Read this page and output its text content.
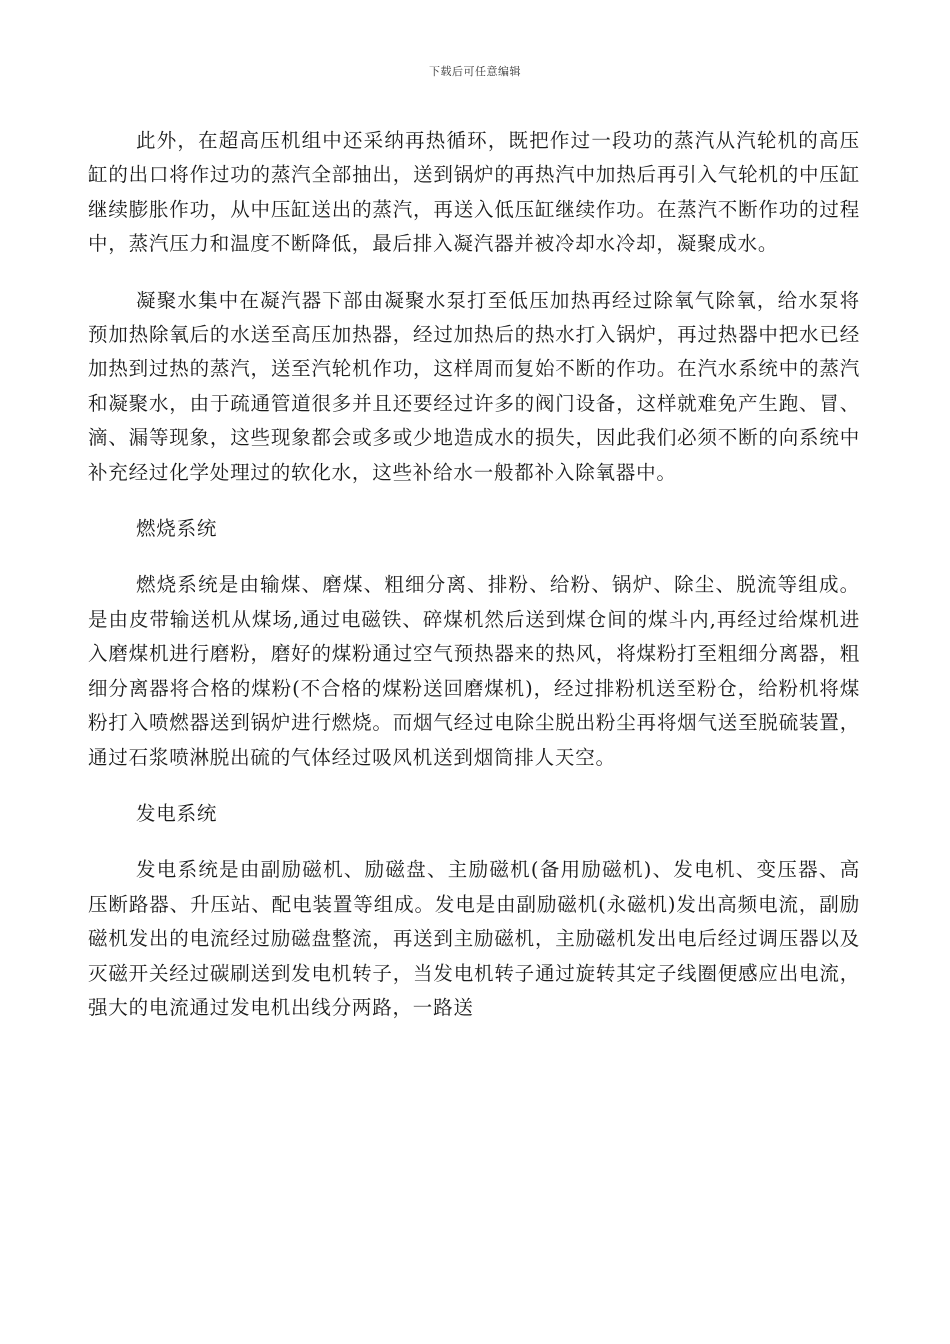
下载后可任意编辑

此外，在超高压机组中还采纳再热循环，既把作过一段功的蒸汽从汽轮机的高压缸的出口将作过功的蒸汽全部抽出，送到锅炉的再热汽中加热后再引入气轮机的中压缸继续膨胀作功，从中压缸送出的蒸汽，再送入低压缸继续作功。在蒸汽不断作功的过程中，蒸汽压力和温度不断降低，最后排入凝汽器并被冷却水冷却，凝聚成水。

凝聚水集中在凝汽器下部由凝聚水泵打至低压加热再经过除氧气除氧，给水泵将预加热除氧后的水送至高压加热器，经过加热后的热水打入锅炉，再过热器中把水已经加热到过热的蒸汽，送至汽轮机作功，这样周而复始不断的作功。在汽水系统中的蒸汽和凝聚水，由于疏通管道很多并且还要经过许多的阀门设备，这样就难免产生跑、冒、滴、漏等现象，这些现象都会或多或少地造成水的损失，因此我们必须不断的向系统中补充经过化学处理过的软化水，这些补给水一般都补入除氧器中。

燃烧系统

燃烧系统是由输煤、磨煤、粗细分离、排粉、给粉、锅炉、除尘、脱流等组成。是由皮带输送机从煤场,通过电磁铁、碎煤机然后送到煤仓间的煤斗内,再经过给煤机进入磨煤机进行磨粉，磨好的煤粉通过空气预热器来的热风，将煤粉打至粗细分离器，粗细分离器将合格的煤粉(不合格的煤粉送回磨煤机)，经过排粉机送至粉仓，给粉机将煤粉打入喷燃器送到锅炉进行燃烧。而烟气经过电除尘脱出粉尘再将烟气送至脱硫装置，通过石浆喷淋脱出硫的气体经过吸风机送到烟筒排人天空。

发电系统

发电系统是由副励磁机、励磁盘、主励磁机(备用励磁机)、发电机、变压器、高压断路器、升压站、配电装置等组成。发电是由副励磁机(永磁机)发出高频电流，副励磁机发出的电流经过励磁盘整流，再送到主励磁机，主励磁机发出电后经过调压器以及灭磁开关经过碳刷送到发电机转子，当发电机转子通过旋转其定子线圈便感应出电流，强大的电流通过发电机出线分两路，一路送
